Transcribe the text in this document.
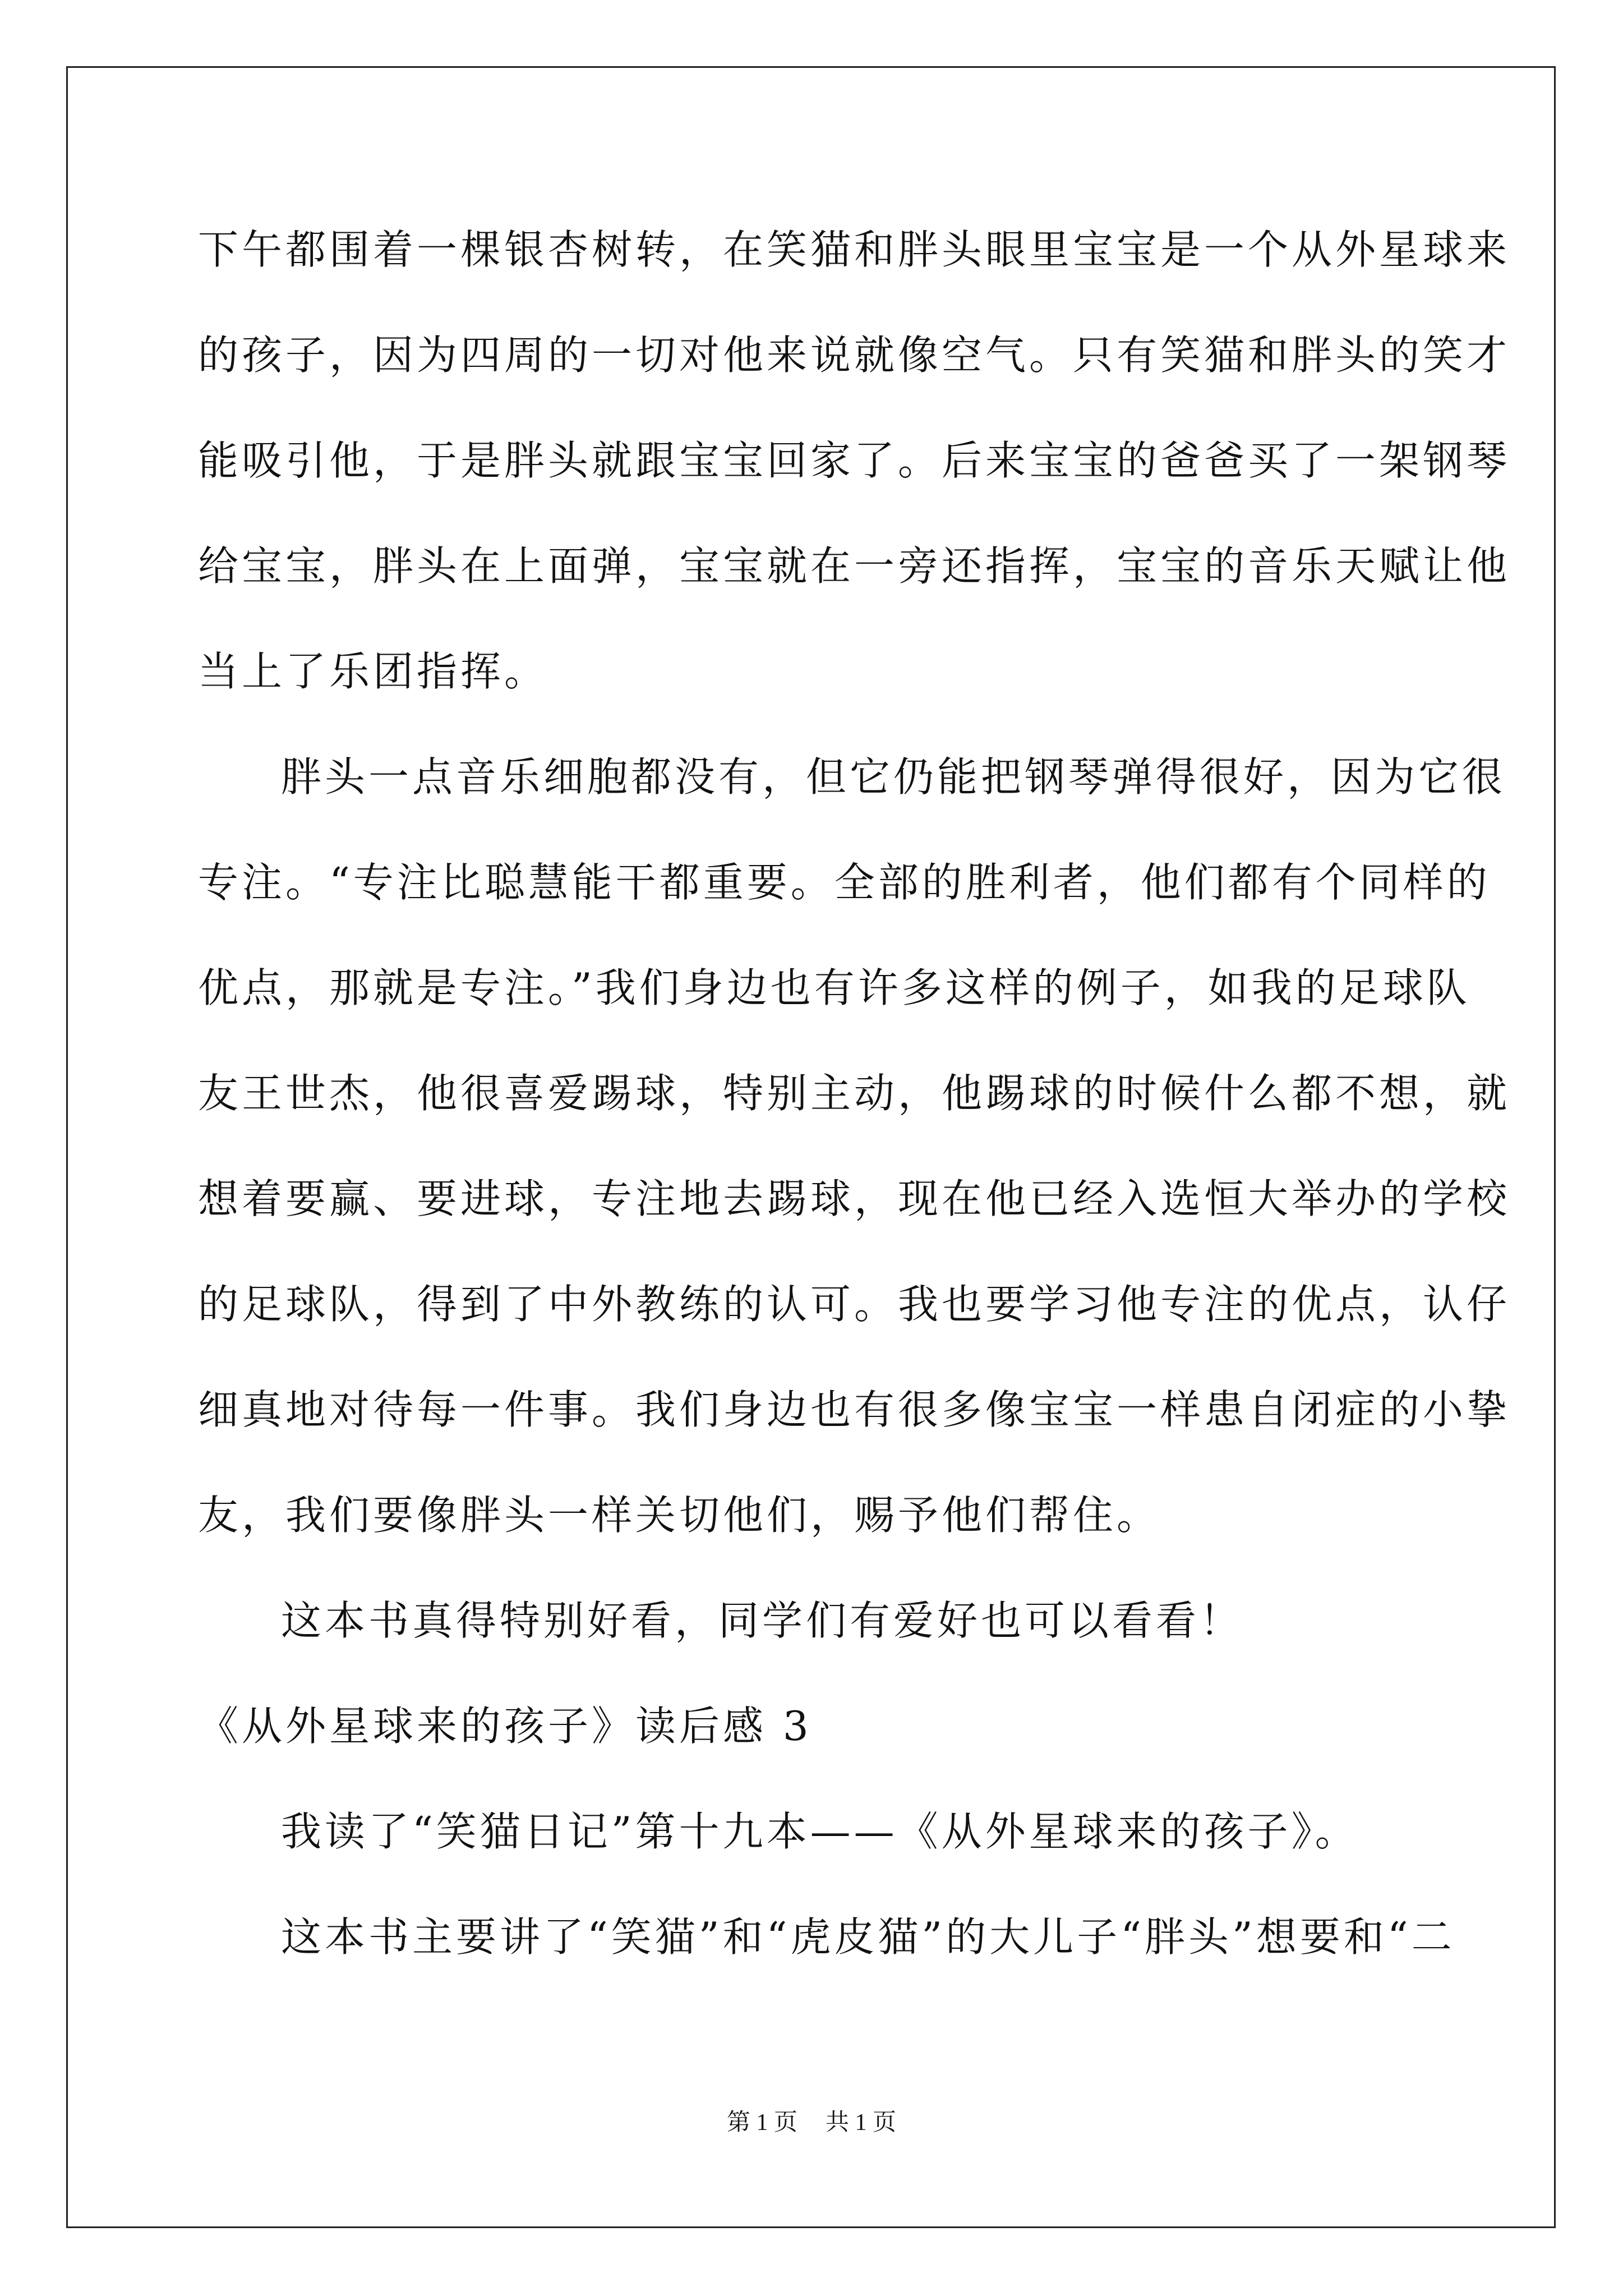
下午都围着一棵银杏树转，在笑猫和胖头眼里宝宝是一个从外星球来
的孩子，因为四周的一切对他来说就像空气。只有笑猫和胖头的笑才
能吸引他，于是胖头就跟宝宝回家了。后来宝宝的爸爸买了一架钢琴
给宝宝，胖头在上面弹，宝宝就在一旁还指挥，宝宝的音乐天赋让他
当上了乐团指挥。
胖头一点音乐细胞都没有，但它仍能把钢琴弹得很好，因为它很
专注。“专注比聪慧能干都重要。全部的胜利者，他们都有个同样的
优点，那就是专注。”我们身边也有许多这样的例子，如我的足球队
友王世杰，他很喜爱踢球，特别主动，他踢球的时候什么都不想，就
想着要赢、要进球，专注地去踢球，现在他已经入选恒大举办的学校
的足球队，得到了中外教练的认可。我也要学习他专注的优点，认仔
细真地对待每一件事。我们身边也有很多像宝宝一样患自闭症的小挚
友，我们要像胖头一样关切他们，赐予他们帮住。
这本书真得特别好看，同学们有爱好也可以看看！
《从外星球来的孩子》读后感 3
我读了“笑猫日记”第十九本——《从外星球来的孩子》。
这本书主要讲了“笑猫”和“虎皮猫”的大儿子“胖头”想要和“二
第 1 页 共 1 页
